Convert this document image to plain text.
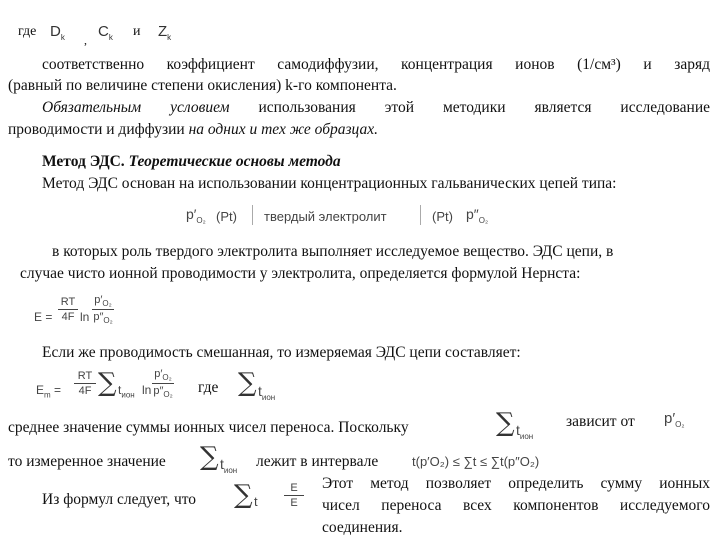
где $D_k$ , $C_k$ и $Z_k$
соответственно коэффициент самодиффузии, концентрация ионов (1/см³) и заряд
(равный по величине степени окисления) k-го компонента.
Обязательным условием использования этой методики является исследование
проводимости и диффузии на одних и тех же образцах.
Метод ЭДС. Теоретические основы метода
Метод ЭДС основан на использовании концентрационных гальванических цепей типа:
$p'_{O_2}$ (Pt) твердый электролит	(Pt) $p''_{O_2}$
в которых роль твердого электролита выполняет исследуемое вещество. ЭДС цепи, в
случае чисто ионной проводимости у электролита, определяется формулой Нернста:
E =
RT
4F ln
$p'_{O_2}$
$p''_{O_2}$
Если же проводимость смешанная, то измеряемая ЭДС цепи составляет:
$E_m$ =
RT
4F ∑ $t_{ион}$ ln
$p'_{O_2}$
$p''_{O_2}$ где ∑ $t_{ион}$
среднее значение суммы ионных чисел переноса. Поскольку	∑ $t_{ион}$
зависит от $p'_{O_2}$
то измеренное значение ∑ $t_{ион}$
лежит в интервале	t(p′O₂) ≤ ∑t ≤ ∑t(p″O₂)
Из формул следует, что ∑ t
E
E
Этот метод позволяет определить сумму ионных
чисел переноса всех компонентов исследуемого
соединения.
